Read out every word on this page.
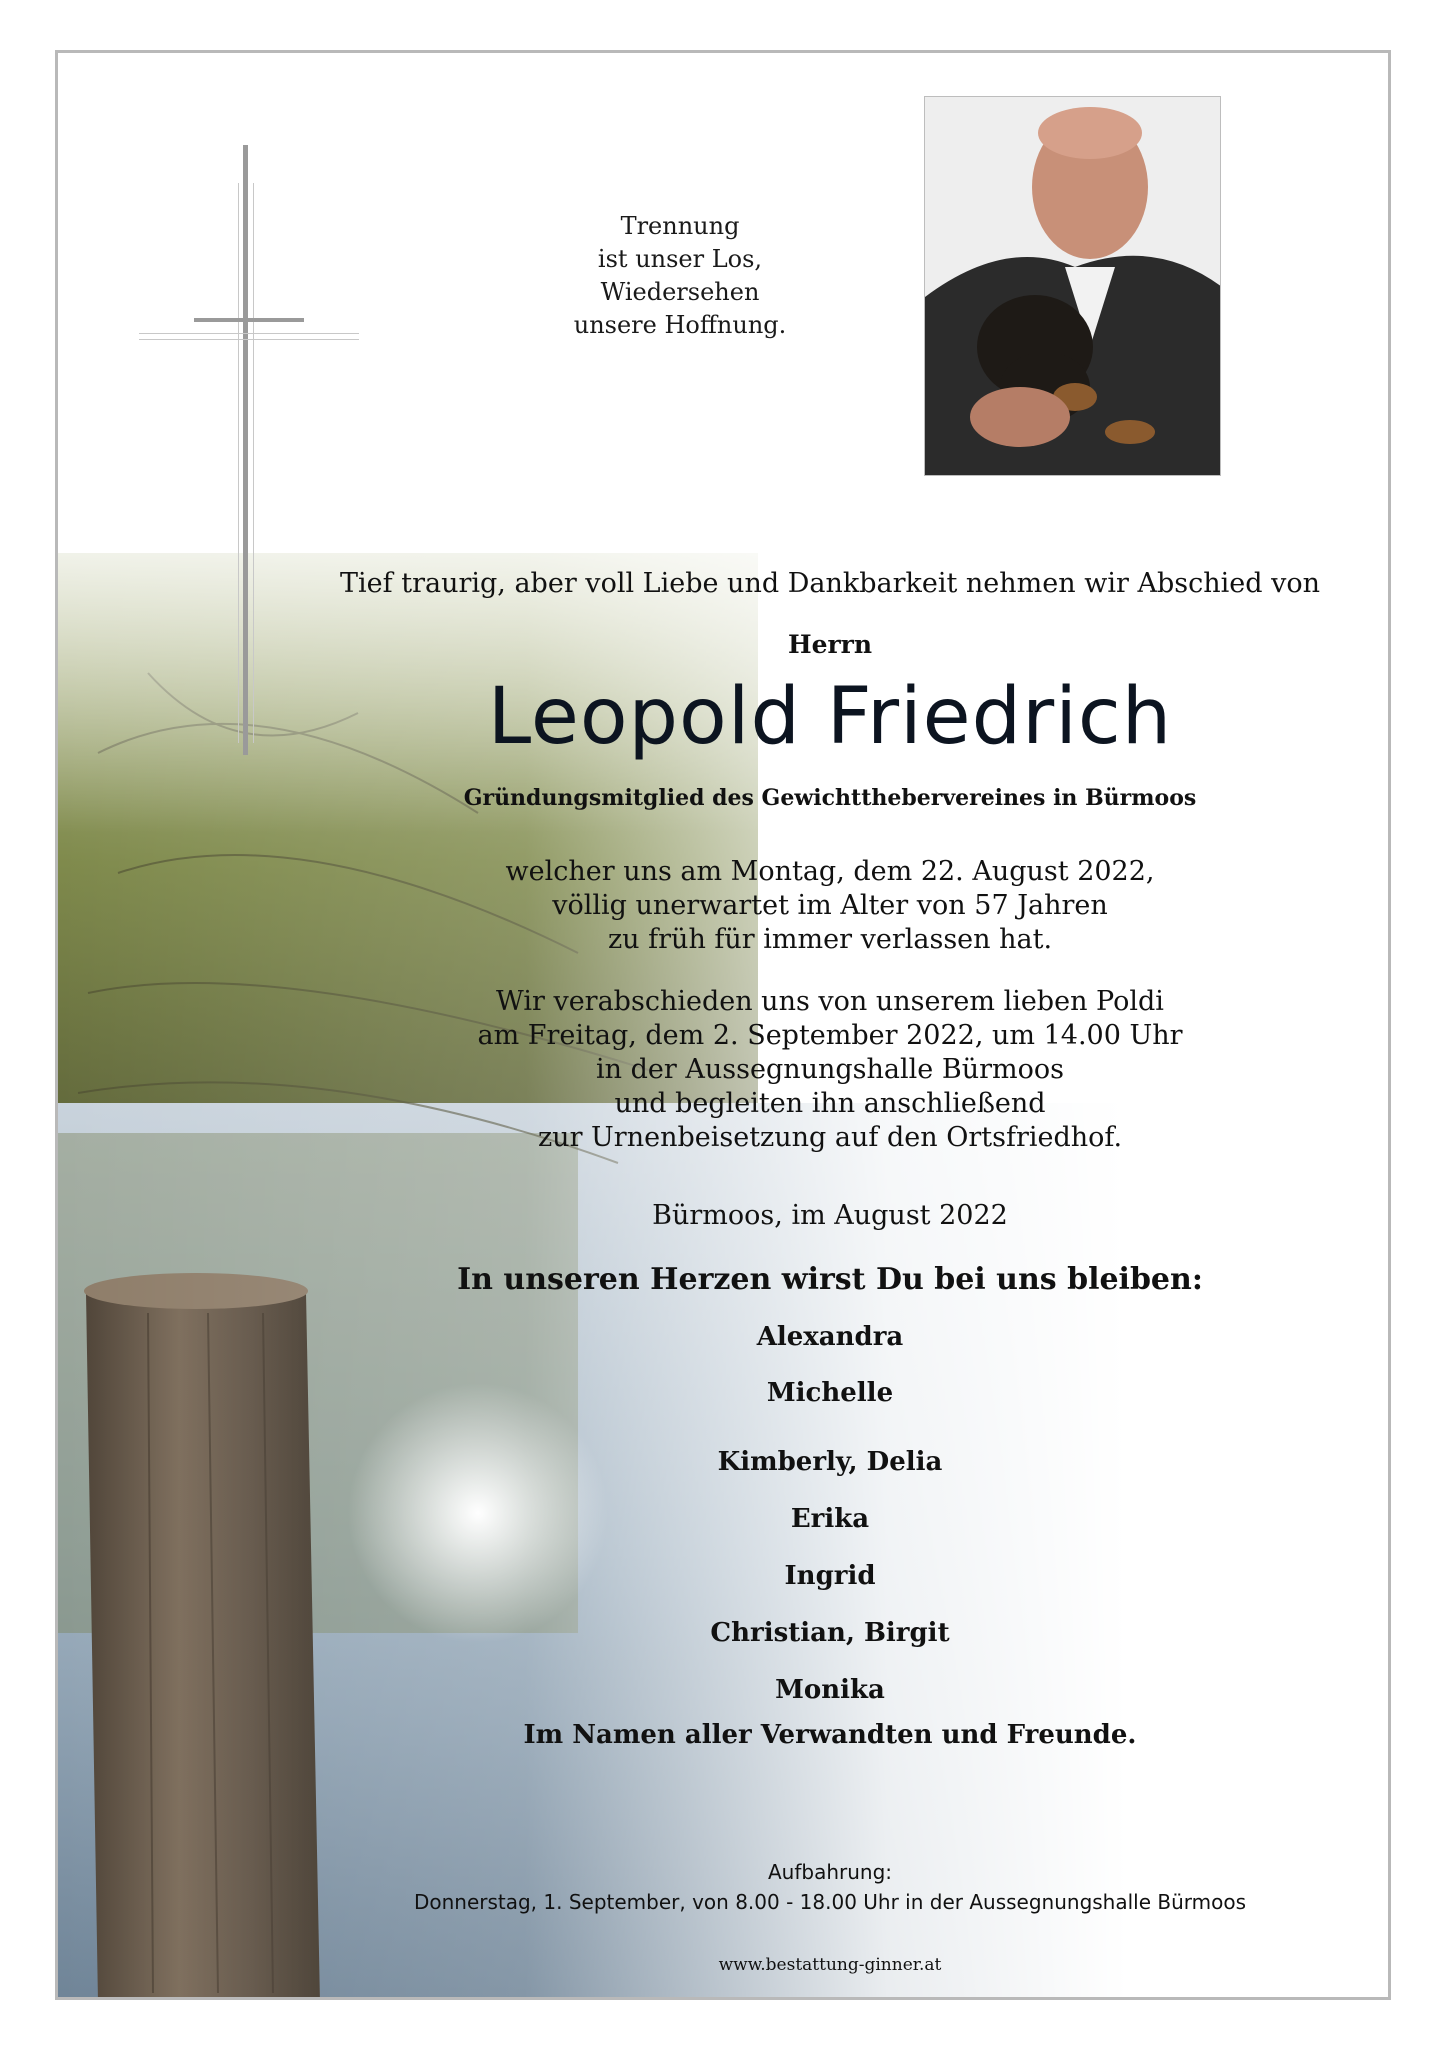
Trennung
ist unser Los,
Wiedersehen
unsere Hoffnung.
Tief traurig, aber voll Liebe und Dankbarkeit nehmen wir Abschied von
Herrn
Leopold Friedrich
Gründungsmitglied des Gewichtthebervereines in Bürmoos
welcher uns am Montag, dem 22. August 2022,
völlig unerwartet im Alter von 57 Jahren
zu früh für immer verlassen hat.
Wir verabschieden uns von unserem lieben Poldi
am Freitag, dem 2. September 2022, um 14.00 Uhr
in der Aussegnungshalle Bürmoos
und begleiten ihn anschließend
zur Urnenbeisetzung auf den Ortsfriedhof.
Bürmoos, im August 2022
In unseren Herzen wirst Du bei uns bleiben:
Alexandra
Michelle
Kimberly, Delia
Erika
Ingrid
Christian, Birgit
Monika
Im Namen aller Verwandten und Freunde.
Aufbahrung:
Donnerstag, 1. September, von 8.00 - 18.00 Uhr in der Aussegnungshalle Bürmoos
www.bestattung-ginner.at
